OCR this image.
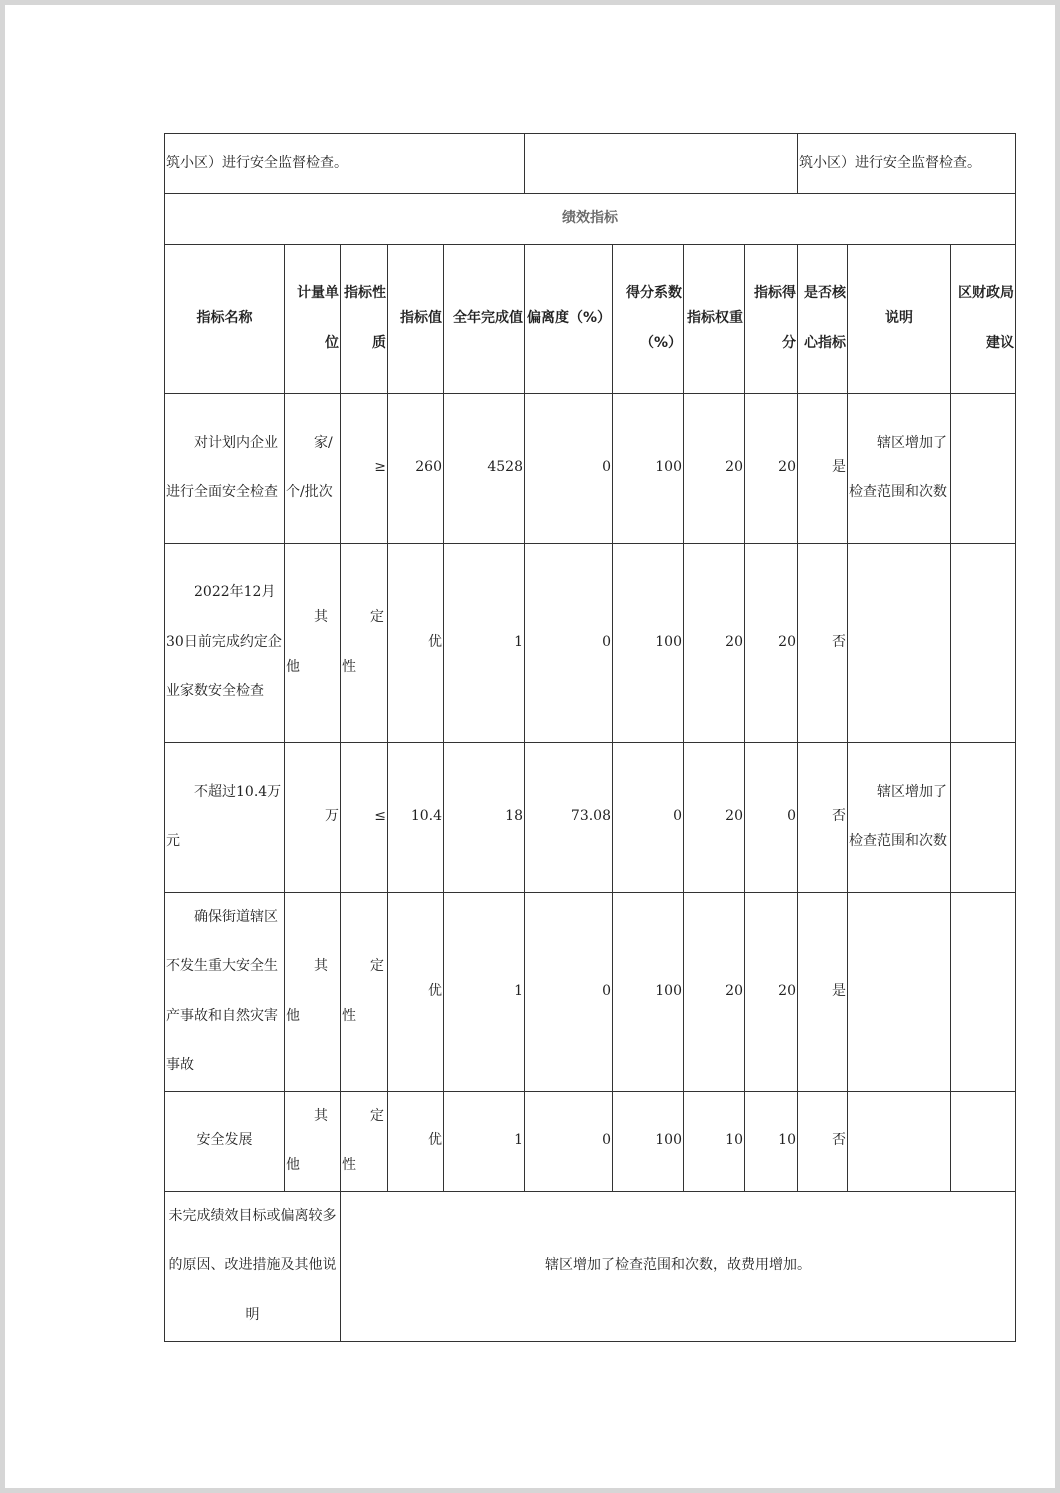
筑小区）进行安全监督检查。									筑小区）进行安全监督检查。		
绩效指标											
指标名称	计量单位	指标性质	指标值	全年完成值	偏离度（%）	得分系数（%）	指标权重	指标得分	是否核心指标	说明	区财政局建议
对计划内企业进行全面安全检查	家/个/批次	≥	260	4528	0	100	20	20	是	辖区增加了检查范围和次数	
2022年12月30日前完成约定企业家数安全检查	其他	定性	优	1	0	100	20	20	否		
不超过10.4万元	万	≤	10.4	18	73.08	0	20	0	否	辖区增加了检查范围和次数	
确保街道辖区不发生重大安全生产事故和自然灾害事故	其他	定性	优	1	0	100	20	20	是		
安全发展	其他	定性	优	1	0	100	10	10	否		
未完成绩效目标或偏离较多的原因、改进措施及其他说明		辖区增加了检查范围和次数，故费用增加。									
